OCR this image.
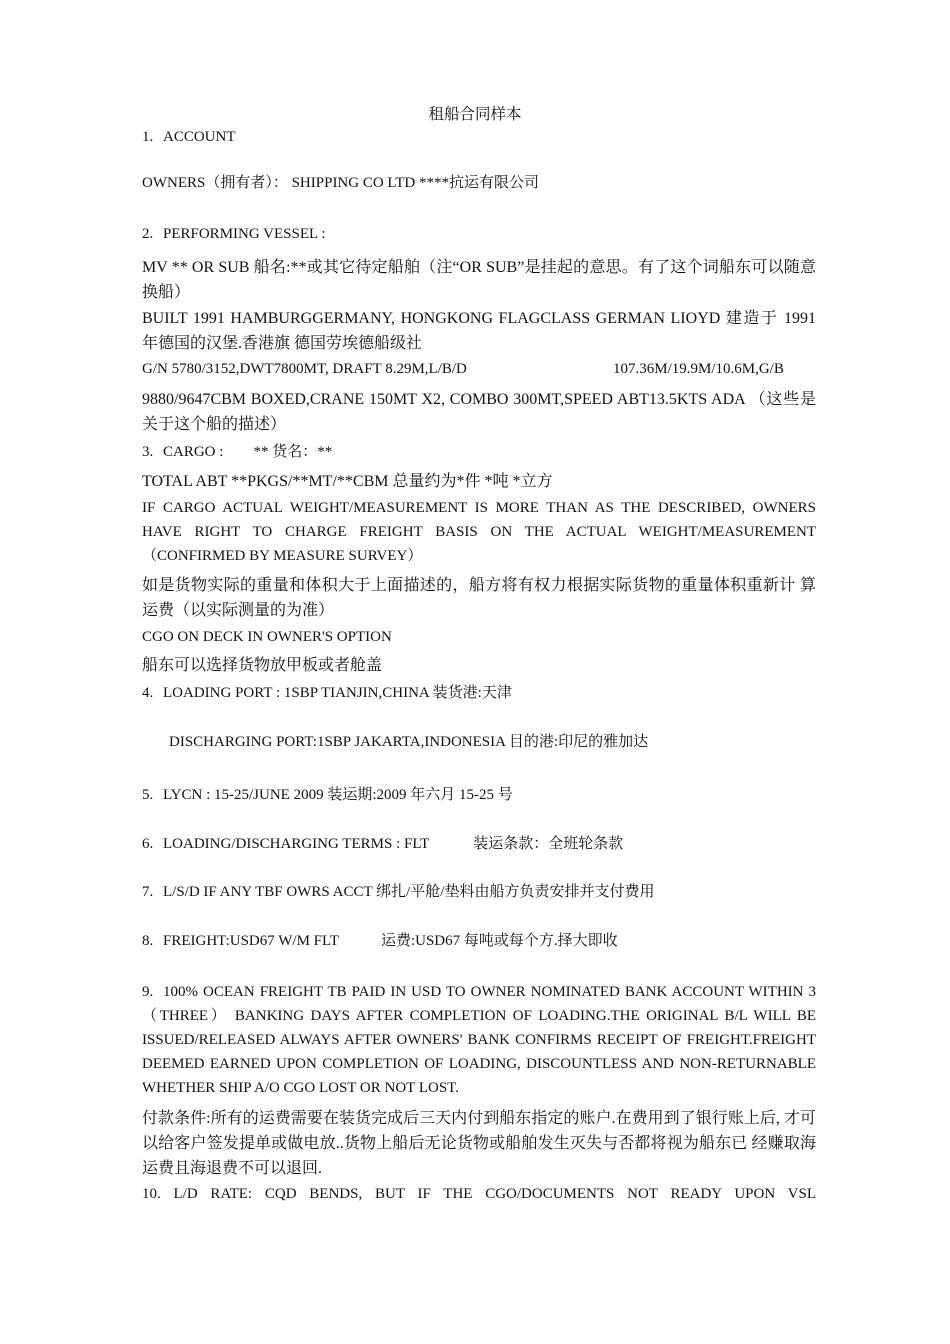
租船合同样本

1. ACCOUNT

OWNERS（拥有者）： SHIPPING CO LTD ****抗运有限公司

2. PERFORMING VESSEL :

MV ** OR SUB 船名:**或其它待定船舶（注“OR SUB”是挂起的意思。有了这个词船东可以随意换船）

BUILT 1991 HAMBURGGERMANY, HONGKONG FLAGCLASS GERMAN LIOYD 建造于 1991 年德国的汉堡.香港旗 德国劳埃德船级社

G/N 5780/3152,DWT7800MT, DRAFT 8.29M,L/B/D	107.36M/19.9M/10.6M,G/B

9880/9647CBM BOXED,CRANE 150MT X2, COMBO 300MT,SPEED ABT13.5KTS ADA （这些是关于这个船的描述）

3. CARGO : ** 货名：**

TOTAL ABT **PKGS/**MT/**CBM 总量约为*件 *吨 *立方

IF CARGO ACTUAL WEIGHT/MEASUREMENT IS MORE THAN AS THE DESCRIBED, OWNERS HAVE RIGHT TO CHARGE FREIGHT BASIS ON THE ACTUAL WEIGHT/MEASUREMENT（CONFIRMED BY MEASURE SURVEY）

如是货物实际的重量和体积大于上面描述的，船方将有权力根据实际货物的重量体积重新计 算运费（以实际测量的为准）

CGO ON DECK IN OWNER'S OPTION

船东可以选择货物放甲板或者舱盖

4. LOADING PORT : 1SBP TIANJIN,CHINA 装货港:天津

DISCHARGING PORT:1SBP JAKARTA,INDONESIA 目的港:印尼的雅加达

5. LYCN : 15-25/JUNE 2009 装运期:2009 年六月 15-25 号

6. LOADING/DISCHARGING TERMS : FLT	装运条款：全班轮条款

7. L/S/D IF ANY TBF OWRS ACCT 绑扎/平舱/垫料由船方负责安排并支付费用

8. FREIGHT:USD67 W/M FLT	运费:USD67 每吨或每个方.择大即收

9. 100% OCEAN FREIGHT TB PAID IN USD TO OWNER NOMINATED BANK ACCOUNT WITHIN 3 （THREE） BANKING DAYS AFTER COMPLETION OF LOADING.THE ORIGINAL B/L WILL BE ISSUED/RELEASED ALWAYS AFTER OWNERS' BANK CONFIRMS RECEIPT OF FREIGHT.FREIGHT DEEMED EARNED UPON COMPLETION OF LOADING, DISCOUNTLESS AND NON-RETURNABLE WHETHER SHIP A/O CGO LOST OR NOT LOST.

付款条件:所有的运费需要在装货完成后三天内付到船东指定的账户.在费用到了银行账上后, 才可以给客户签发提单或做电放..货物上船后无论货物或船舶发生灭失与否都将视为船东已 经赚取海运费且海退费不可以退回.

10. L/D RATE: CQD BENDS, BUT IF THE CGO/DOCUMENTS NOT READY UPON VSL
